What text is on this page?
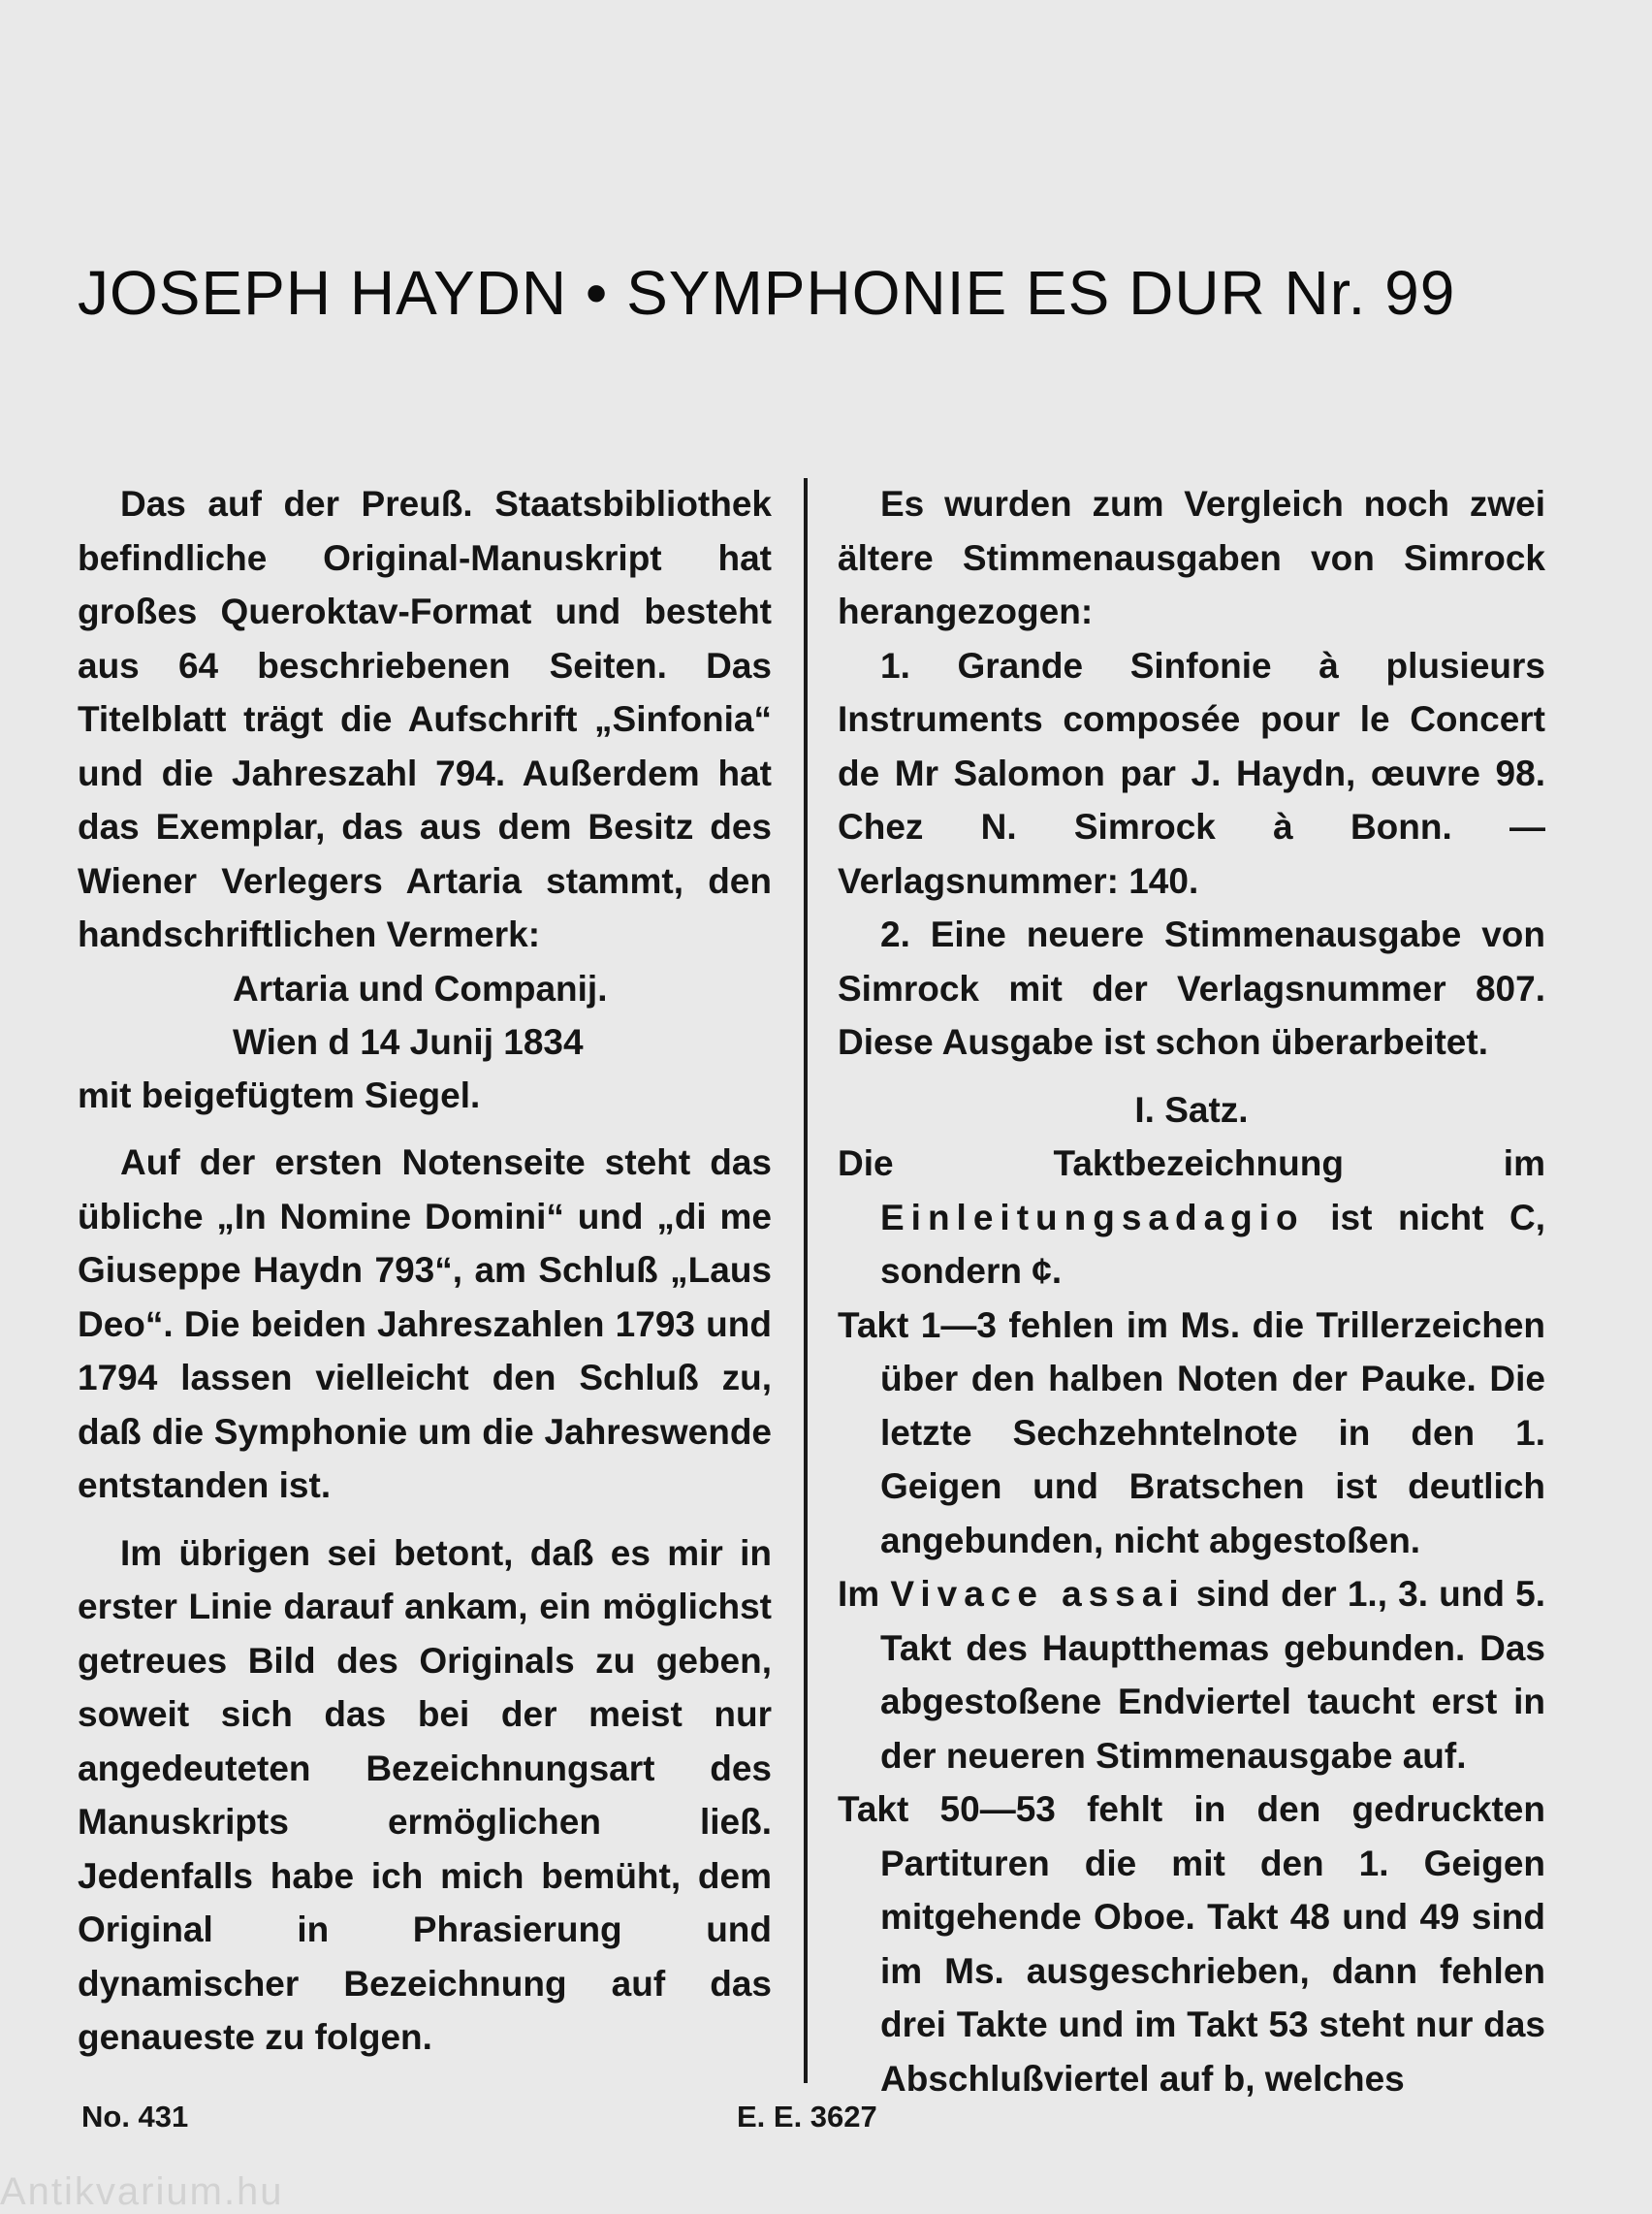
JOSEPH HAYDN • SYMPHONIE ES DUR Nr. 99

Das auf der Preuß. Staatsbibliothek befindliche Original-Manuskript hat großes Queroktav-Format und besteht aus 64 beschriebenen Seiten. Das Titelblatt trägt die Aufschrift „Sinfonia“ und die Jahreszahl 794. Außerdem hat das Exemplar, das aus dem Besitz des Wiener Verlegers Artaria stammt, den handschriftlichen Vermerk:

Artaria und Companij.

Wien d 14 Junij 1834

mit beigefügtem Siegel.

Auf der ersten Notenseite steht das übliche „In Nomine Domini“ und „di me Giuseppe Haydn 793“, am Schluß „Laus Deo“. Die beiden Jahreszahlen 1793 und 1794 lassen vielleicht den Schluß zu, daß die Symphonie um die Jahreswende entstanden ist.

Im übrigen sei betont, daß es mir in erster Linie darauf ankam, ein möglichst getreues Bild des Originals zu geben, soweit sich das bei der meist nur angedeuteten Bezeichnungsart des Manuskripts ermöglichen ließ. Jedenfalls habe ich mich bemüht, dem Original in Phrasierung und dynamischer Bezeichnung auf das genaueste zu folgen.

Es wurden zum Vergleich noch zwei ältere Stimmenausgaben von Simrock herangezogen:

1. Grande Sinfonie à plusieurs Instruments composée pour le Concert de Mr Salomon par J. Haydn, œuvre 98. Chez N. Simrock à Bonn. — Verlagsnummer: 140.

2. Eine neuere Stimmenausgabe von Simrock mit der Verlagsnummer 807. Diese Ausgabe ist schon überarbeitet.

I. Satz.

Die Taktbezeichnung im Einleitungsadagio ist nicht С, sondern ¢.

Takt 1—3 fehlen im Ms. die Trillerzeichen über den halben Noten der Pauke. Die letzte Sechzehntelnote in den 1. Geigen und Bratschen ist deutlich angebunden, nicht abgestoßen.

Im Vivace assai sind der 1., 3. und 5. Takt des Hauptthemas gebunden. Das abgestoßene Endviertel taucht erst in der neueren Stimmenausgabe auf.

Takt 50—53 fehlt in den gedruckten Partituren die mit den 1. Geigen mitgehende Oboe. Takt 48 und 49 sind im Ms. ausgeschrieben, dann fehlen drei Takte und im Takt 53 steht nur das Abschlußviertel auf b, welches

No. 431	E. E. 3627
Antikvarium.hu
